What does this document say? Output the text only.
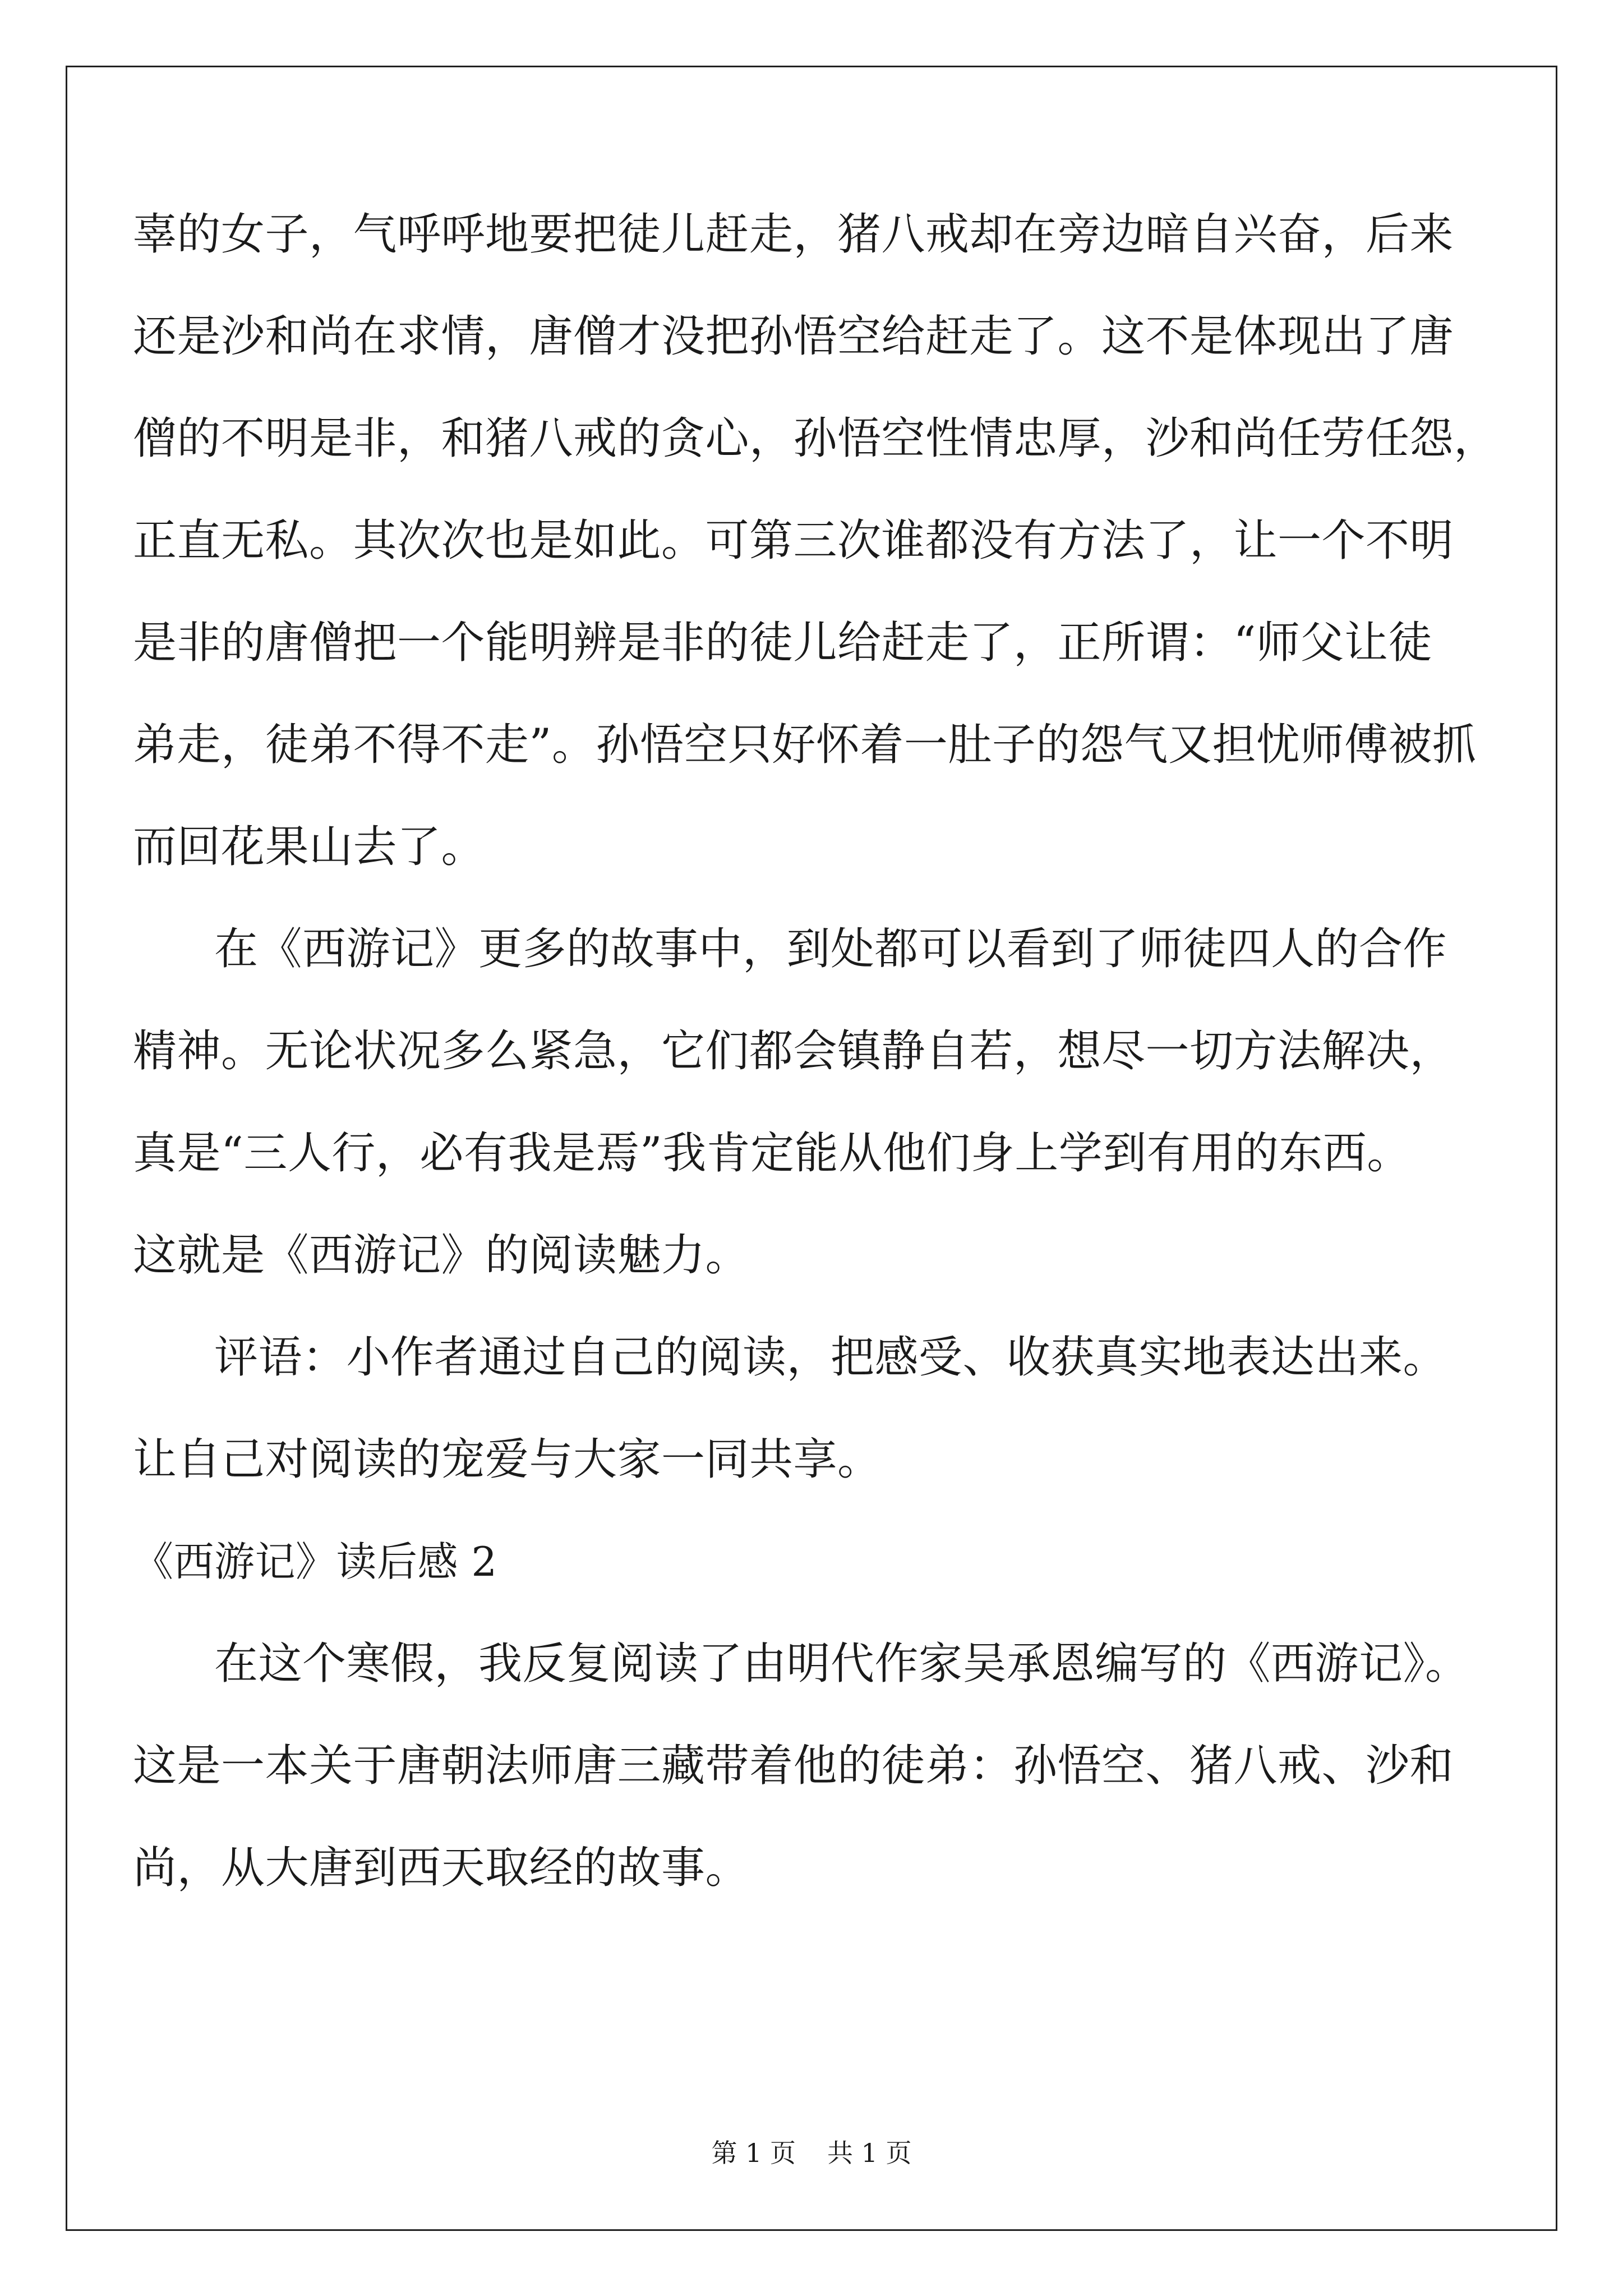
辜的女子，气呼呼地要把徒儿赶走，猪八戒却在旁边暗自兴奋，后来
还是沙和尚在求情，唐僧才没把孙悟空给赶走了。这不是体现出了唐
僧的不明是非，和猪八戒的贪心，孙悟空性情忠厚，沙和尚任劳任怨，
正直无私。其次次也是如此。可第三次谁都没有方法了，让一个不明
是非的唐僧把一个能明辨是非的徒儿给赶走了，正所谓：“师父让徒
弟走，徒弟不得不走”。孙悟空只好怀着一肚子的怨气又担忧师傅被抓
而回花果山去了。
在《西游记》更多的故事中，到处都可以看到了师徒四人的合作
精神。无论状况多么紧急，它们都会镇静自若，想尽一切方法解决，
真是“三人行，必有我是焉”我肯定能从他们身上学到有用的东西。
这就是《西游记》的阅读魅力。
评语：小作者通过自己的阅读，把感受、收获真实地表达出来。
让自己对阅读的宠爱与大家一同共享。
《西游记》读后感 2
在这个寒假，我反复阅读了由明代作家吴承恩编写的《西游记》。
这是一本关于唐朝法师唐三藏带着他的徒弟：孙悟空、猪八戒、沙和
尚，从大唐到西天取经的故事。
第 1 页 共 1 页
